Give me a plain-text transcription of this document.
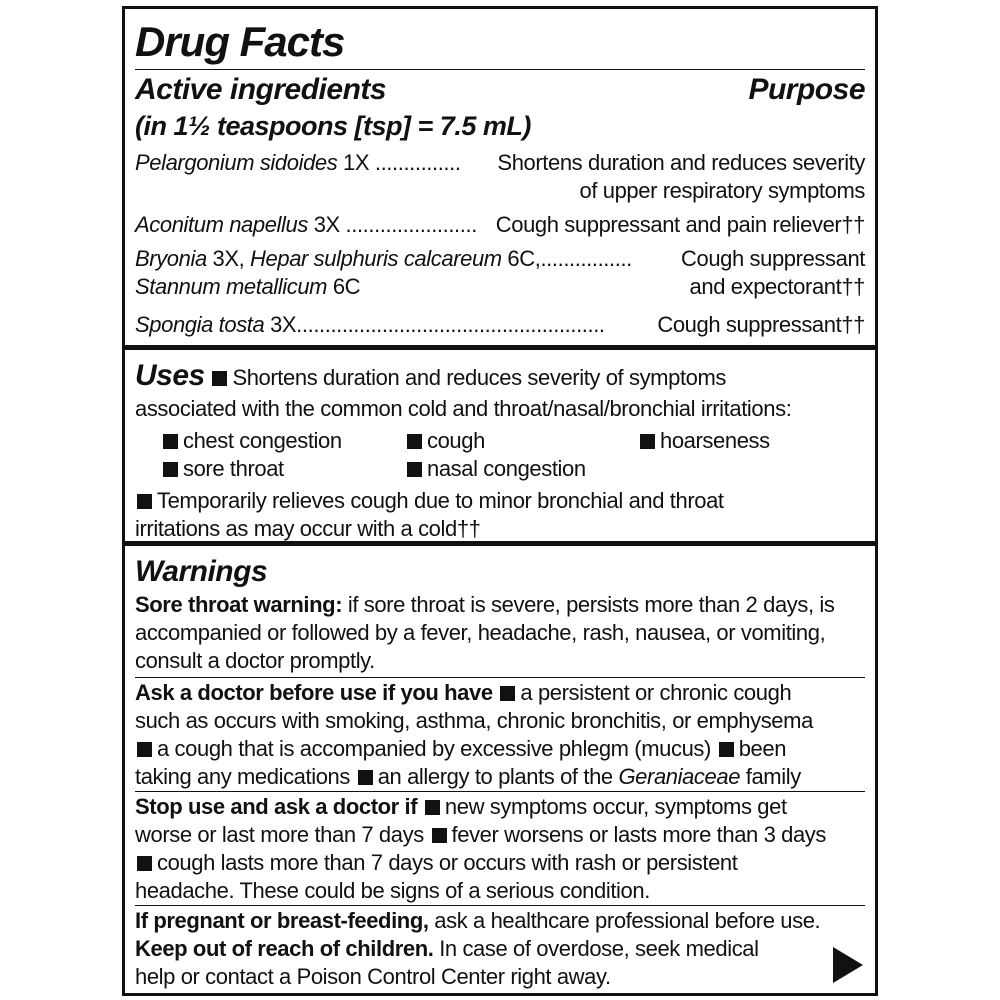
Drug Facts
Active ingredients	Purpose
(in 1½ teaspoons [tsp] = 7.5 mL)
Pelargonium sidoides 1X ............... Shortens duration and reduces severity
of upper respiratory symptoms
Aconitum napellus 3X ....................... Cough suppressant and pain reliever††
Bryonia 3X, Hepar sulphuris calcareum 6C,................ Cough suppressant
Stannum metallicum 6C	and expectorant††
Spongia tosta 3X...................................................... Cough suppressant††
Uses Shortens duration and reduces severity of symptoms
associated with the common cold and throat/nasal/bronchial irritations:
chest congestion	cough	hoarseness
sore throat	nasal congestion
Temporarily relieves cough due to minor bronchial and throat
irritations as may occur with a cold††
Warnings
Sore throat warning: if sore throat is severe, persists more than 2 days, is
accompanied or followed by a fever, headache, rash, nausea, or vomiting,
consult a doctor promptly.
Ask a doctor before use if you have a persistent or chronic cough
such as occurs with smoking, asthma, chronic bronchitis, or emphysema
a cough that is accompanied by excessive phlegm (mucus) been
taking any medications an allergy to plants of the Geraniaceae family
Stop use and ask a doctor if new symptoms occur, symptoms get
worse or last more than 7 days fever worsens or lasts more than 3 days
cough lasts more than 7 days or occurs with rash or persistent
headache. These could be signs of a serious condition.
If pregnant or breast-feeding, ask a healthcare professional before use.
Keep out of reach of children. In case of overdose, seek medical
help or contact a Poison Control Center right away.
